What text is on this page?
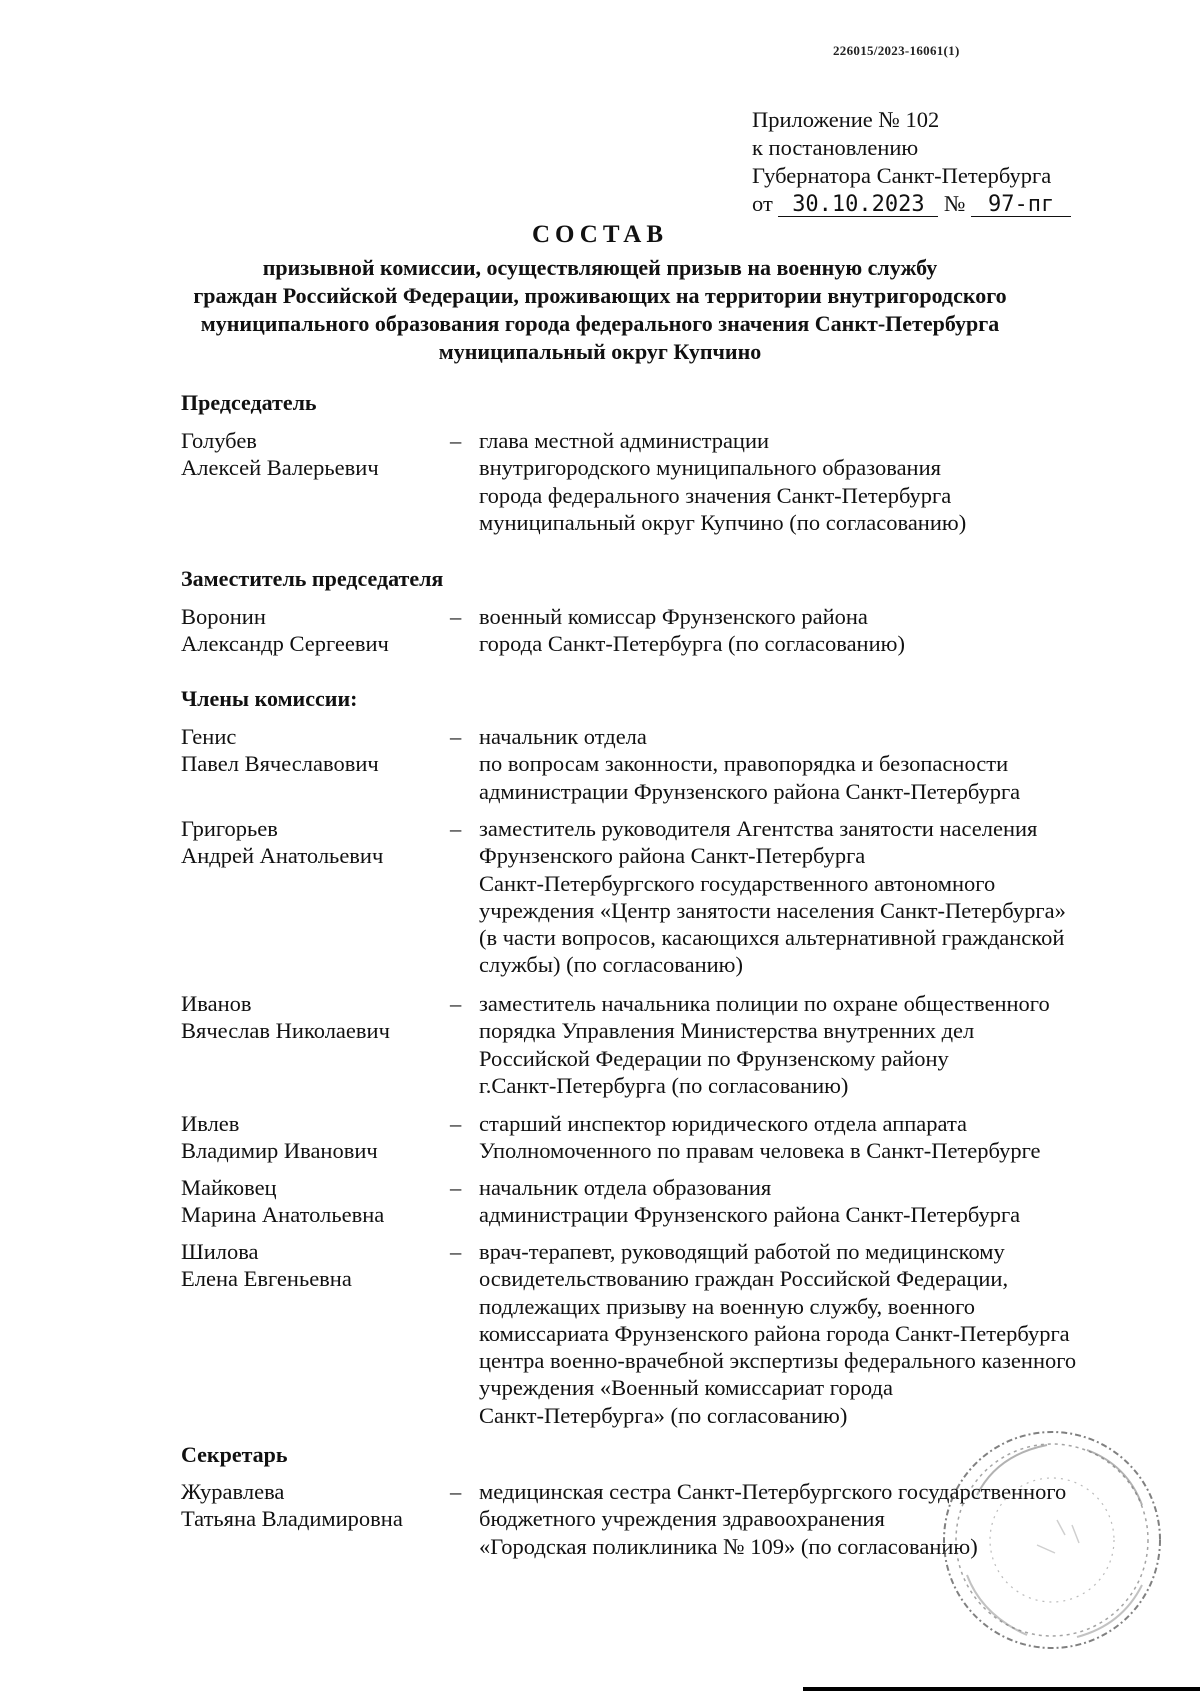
226015/2023-16061(1)
Приложение № 102
к постановлению
Губернатора Санкт-Петербурга
от 30.10.2023 № 97-пг
СОСТАВ
призывной комиссии, осуществляющей призыв на военную службу
граждан Российской Федерации, проживающих на территории внутригородского
муниципального образования города федерального значения Санкт-Петербурга
муниципальный округ Купчино
Председатель
Голубев
Алексей Валерьевич
– глава местной администрации
внутригородского муниципального образования
города федерального значения Санкт-Петербурга
муниципальный округ Купчино (по согласованию)
Заместитель председателя
Воронин
Александр Сергеевич
– военный комиссар Фрунзенского района
города Санкт-Петербурга (по согласованию)
Члены комиссии:
Генис
Павел Вячеславович
– начальник отдела
по вопросам законности, правопорядка и безопасности
администрации Фрунзенского района Санкт-Петербурга
Григорьев
Андрей Анатольевич
– заместитель руководителя Агентства занятости населения
Фрунзенского района Санкт-Петербурга
Санкт-Петербургского государственного автономного
учреждения «Центр занятости населения Санкт-Петербурга»
(в части вопросов, касающихся альтернативной гражданской
службы) (по согласованию)
Иванов
Вячеслав Николаевич
– заместитель начальника полиции по охране общественного
порядка Управления Министерства внутренних дел
Российской Федерации по Фрунзенскому району
г.Санкт-Петербурга (по согласованию)
Ивлев
Владимир Иванович
– старший инспектор юридического отдела аппарата
Уполномоченного по правам человека в Санкт-Петербурге
Майковец
Марина Анатольевна
– начальник отдела образования
администрации Фрунзенского района Санкт-Петербурга
Шилова
Елена Евгеньевна
– врач-терапевт, руководящий работой по медицинскому
освидетельствованию граждан Российской Федерации,
подлежащих призыву на военную службу, военного
комиссариата Фрунзенского района города Санкт-Петербурга
центра военно-врачебной экспертизы федерального казенного
учреждения «Военный комиссариат города
Санкт-Петербурга» (по согласованию)
Секретарь
Журавлева
Татьяна Владимировна
– медицинская сестра Санкт-Петербургского государственного
бюджетного учреждения здравоохранения
«Городская поликлиника № 109» (по согласованию)
